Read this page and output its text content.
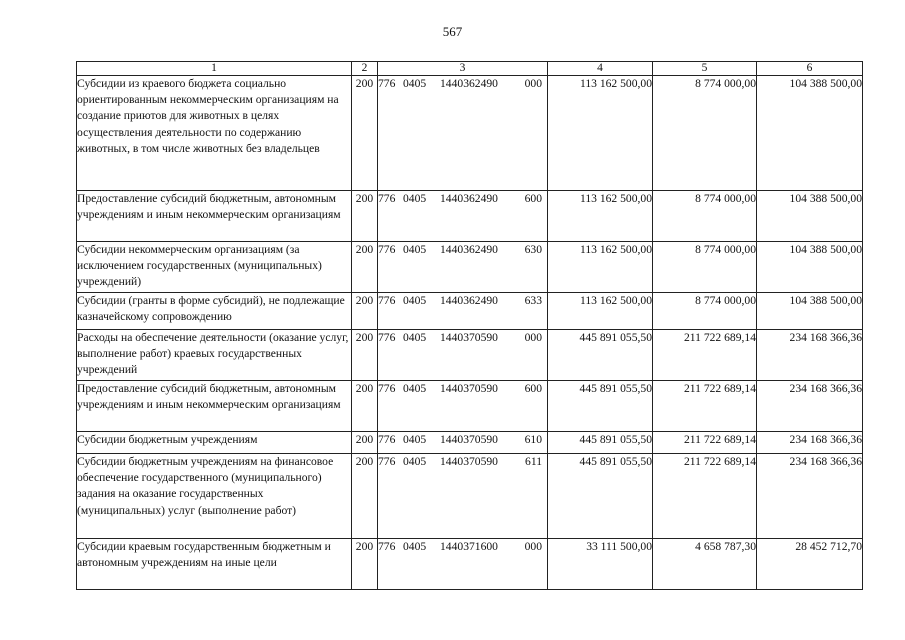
567
1	2	3	4	5	6
Субсидии из краевого бюджета социально ориентированным некоммерческим организациям на создание приютов для животных в целях осуществления деятельности по содержанию животных, в том числе животных без владельцев	200	776 0405 1440362490 000	113 162 500,00	8 774 000,00	104 388 500,00
Предоставление субсидий бюджетным, автономным учреждениям и иным некоммерческим организациям	200	776 0405 1440362490 600	113 162 500,00	8 774 000,00	104 388 500,00
Субсидии некоммерческим организациям (за исключением государственных (муниципальных) учреждений)	200	776 0405 1440362490 630	113 162 500,00	8 774 000,00	104 388 500,00
Субсидии (гранты в форме субсидий), не подлежащие казначейскому сопровождению	200	776 0405 1440362490 633	113 162 500,00	8 774 000,00	104 388 500,00
Расходы на обеспечение деятельности (оказание услуг, выполнение работ) краевых государственных учреждений	200	776 0405 1440370590 000	445 891 055,50	211 722 689,14	234 168 366,36
Предоставление субсидий бюджетным, автономным учреждениям и иным некоммерческим организациям	200	776 0405 1440370590 600	445 891 055,50	211 722 689,14	234 168 366,36
Субсидии бюджетным учреждениям	200	776 0405 1440370590 610	445 891 055,50	211 722 689,14	234 168 366,36
Субсидии бюджетным учреждениям на финансовое обеспечение государственного (муниципального) задания на оказание государственных (муниципальных) услуг (выполнение работ)	200	776 0405 1440370590 611	445 891 055,50	211 722 689,14	234 168 366,36
Субсидии краевым государственным бюджетным и автономным учреждениям на иные цели	200	776 0405 1440371600 000	33 111 500,00	4 658 787,30	28 452 712,70
